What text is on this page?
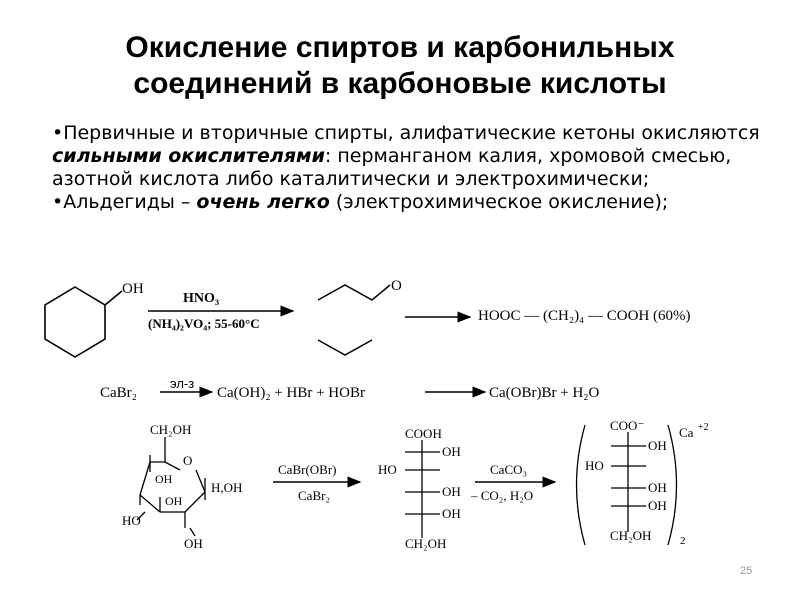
Окисление спиртов и карбонильных
соединений в карбоновые кислоты

•Первичные и вторичные спирты, алифатические кетоны окисляются сильными окислителями: перманганом калия, хромовой смесью, азотной кислота либо каталитически и электрохимически;

•Альдегиды – очень легко (электрохимическое окисление);

OH
HNO₃
(NH₄)₂VO₄; 55-60°C
O
HOOC — (CH₂)₄ — COOH (60%)
CaBr₂
эл-з
Ca(OH)₂ + HBr + HOBr	Ca(OBr)Br + H₂O
CH₂OH
O
OH
OH
H,OH
HO
OH
CaBr(OBr)
CaBr₂
COOH
OH
HO
OH
OH
CH₂OH
CaCO₃
– CO₂, H₂O
COO⁻
OH
HO
OH
OH
CH₂OH	2
Ca +2
25
